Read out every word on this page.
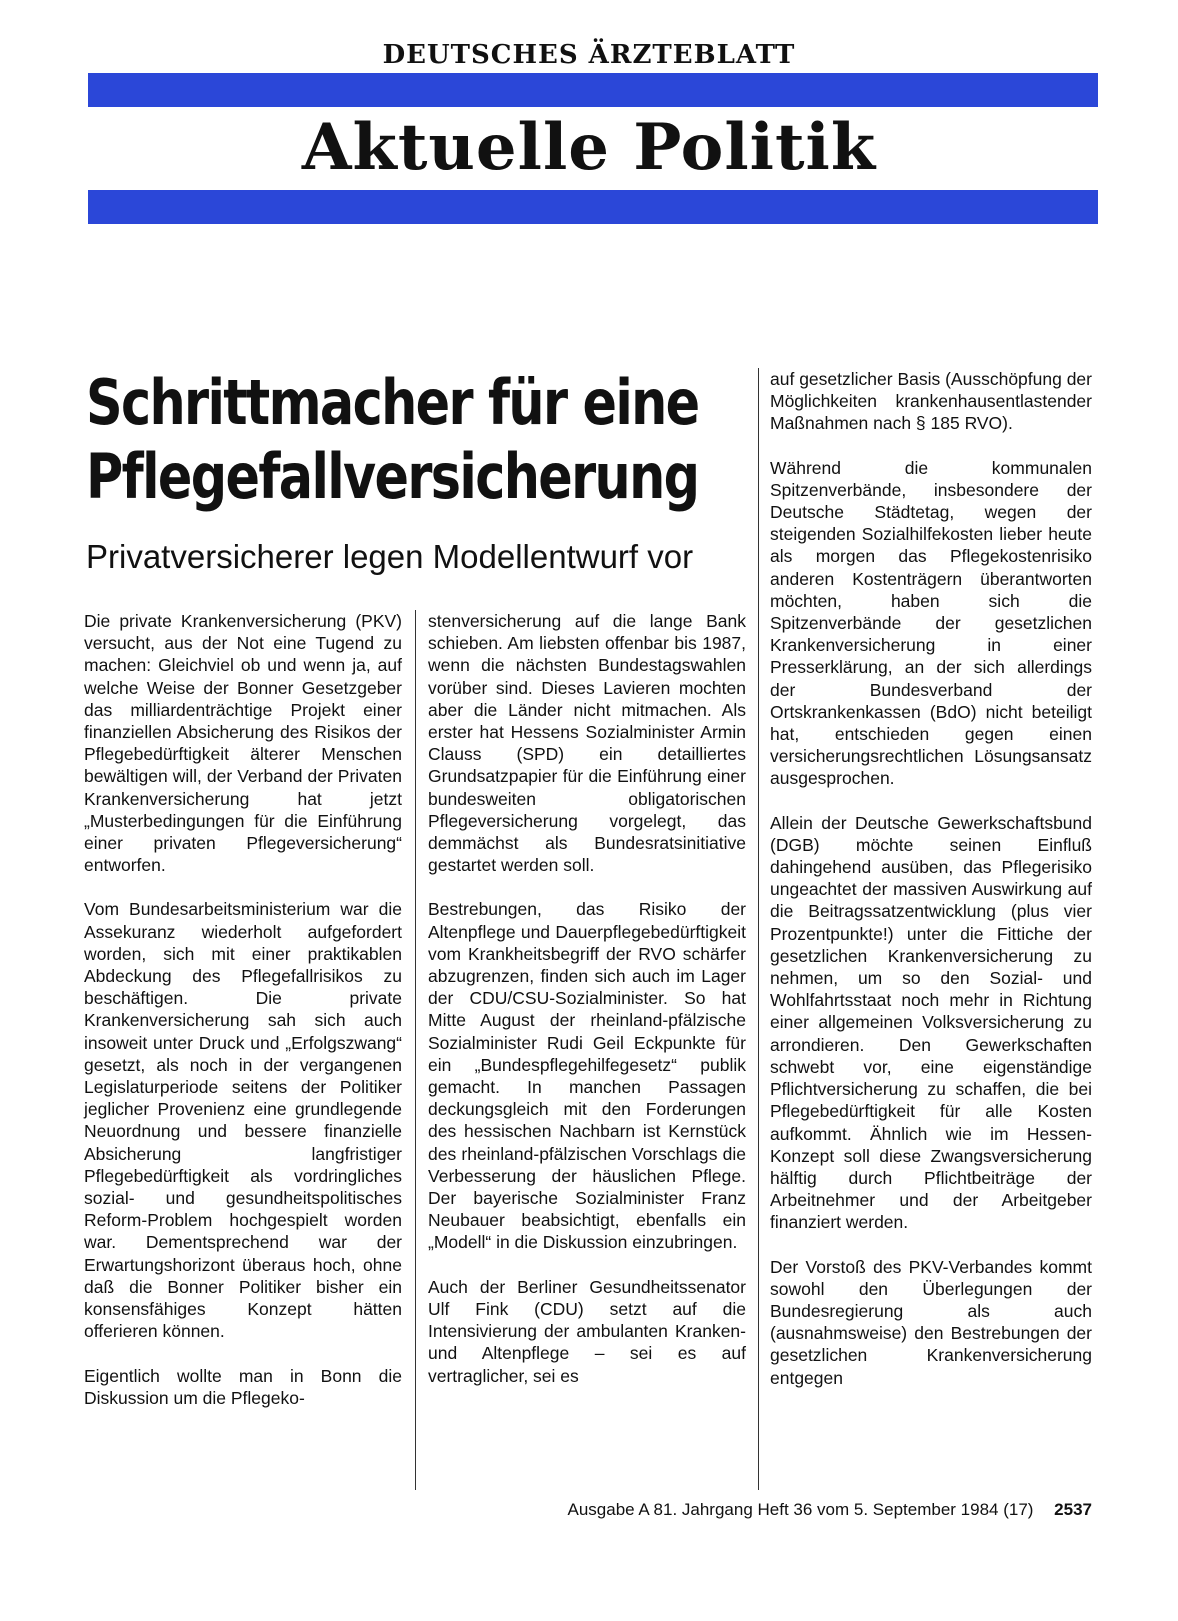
DEUTSCHES ÄRZTEBLATT
Aktuelle Politik
Schrittmacher für eine
Pflegefallversicherung
Privatversicherer legen Modellentwurf vor

Die private Krankenversicherung (PKV) versucht, aus der Not eine Tugend zu machen: Gleichviel ob und wenn ja, auf welche Weise der Bonner Gesetzgeber das milliardenträchtige Projekt einer finanziellen Absicherung des Risikos der Pflegebedürftigkeit älterer Menschen bewältigen will, der Verband der Privaten Krankenversicherung hat jetzt „Musterbedingungen für die Einführung einer privaten Pflegeversicherung“ entworfen.

Vom Bundesarbeitsministerium war die Assekuranz wiederholt aufgefordert worden, sich mit einer praktikablen Abdeckung des Pflegefallrisikos zu beschäftigen. Die private Krankenversicherung sah sich auch insoweit unter Druck und „Erfolgszwang“ gesetzt, als noch in der vergangenen Legislaturperiode seitens der Politiker jeglicher Provenienz eine grundlegende Neuordnung und bessere finanzielle Absicherung langfristiger Pflegebedürftigkeit als vordringliches sozial- und gesundheitspolitisches Reform-Problem hochgespielt worden war. Dementsprechend war der Erwartungshorizont überaus hoch, ohne daß die Bonner Politiker bisher ein konsensfähiges Konzept hätten offerieren können.

Eigentlich wollte man in Bonn die Diskussion um die Pflegeko-

stenversicherung auf die lange Bank schieben. Am liebsten offenbar bis 1987, wenn die nächsten Bundestagswahlen vorüber sind. Dieses Lavieren mochten aber die Länder nicht mitmachen. Als erster hat Hessens Sozialminister Armin Clauss (SPD) ein detailliertes Grundsatzpapier für die Einführung einer bundesweiten obligatorischen Pflegeversicherung vorgelegt, das demmächst als Bundesratsinitiative gestartet werden soll.

Bestrebungen, das Risiko der Altenpflege und Dauerpflegebedürftigkeit vom Krankheitsbegriff der RVO schärfer abzugrenzen, finden sich auch im Lager der CDU/CSU-Sozialminister. So hat Mitte August der rheinland-pfälzische Sozialminister Rudi Geil Eckpunkte für ein „Bundespflegehilfegesetz“ publik gemacht. In manchen Passagen deckungsgleich mit den Forderungen des hessischen Nachbarn ist Kernstück des rheinland-pfälzischen Vorschlags die Verbesserung der häuslichen Pflege. Der bayerische Sozialminister Franz Neubauer beabsichtigt, ebenfalls ein „Modell“ in die Diskussion einzubringen.

Auch der Berliner Gesundheitssenator Ulf Fink (CDU) setzt auf die Intensivierung der ambulanten Kranken- und Altenpflege – sei es auf vertraglicher, sei es

auf gesetzlicher Basis (Ausschöpfung der Möglichkeiten krankenhausentlastender Maßnahmen nach § 185 RVO).

Während die kommunalen Spitzenverbände, insbesondere der Deutsche Städtetag, wegen der steigenden Sozialhilfekosten lieber heute als morgen das Pflegekostenrisiko anderen Kostenträgern überantworten möchten, haben sich die Spitzenverbände der gesetzlichen Krankenversicherung in einer Presserklärung, an der sich allerdings der Bundesverband der Ortskrankenkassen (BdO) nicht beteiligt hat, entschieden gegen einen versicherungsrechtlichen Lösungsansatz ausgesprochen.

Allein der Deutsche Gewerkschaftsbund (DGB) möchte seinen Einfluß dahingehend ausüben, das Pflegerisiko ungeachtet der massiven Auswirkung auf die Beitragssatzentwicklung (plus vier Prozentpunkte!) unter die Fittiche der gesetzlichen Krankenversicherung zu nehmen, um so den Sozial- und Wohlfahrtsstaat noch mehr in Richtung einer allgemeinen Volksversicherung zu arrondieren. Den Gewerkschaften schwebt vor, eine eigenständige Pflichtversicherung zu schaffen, die bei Pflegebedürftigkeit für alle Kosten aufkommt. Ähnlich wie im Hessen-Konzept soll diese Zwangsversicherung hälftig durch Pflichtbeiträge der Arbeitnehmer und der Arbeitgeber finanziert werden.

Der Vorstoß des PKV-Verbandes kommt sowohl den Überlegungen der Bundesregierung als auch (ausnahmsweise) den Bestrebungen der gesetzlichen Krankenversicherung entgegen

Ausgabe A 81. Jahrgang Heft 36 vom 5. September 1984 (17) 2537
